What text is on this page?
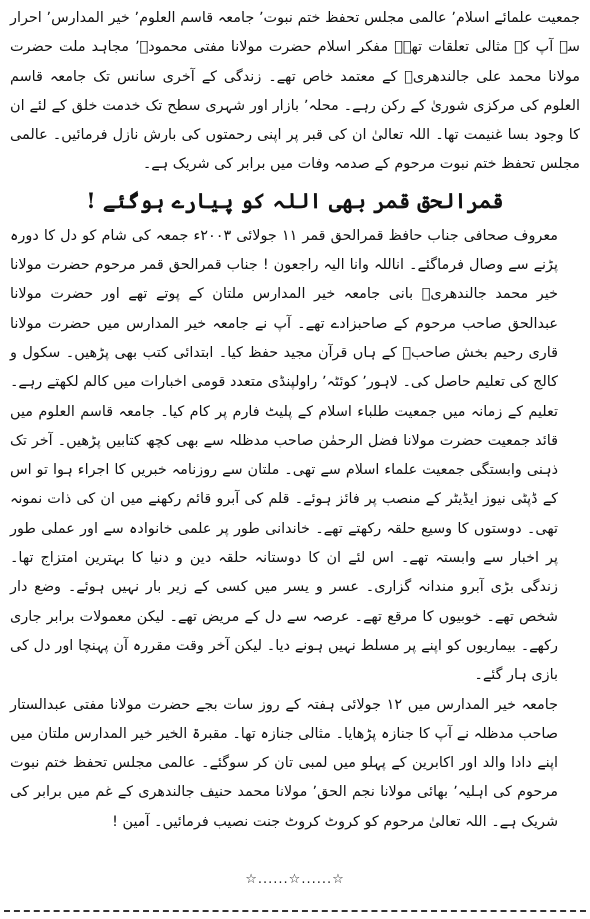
جمعیت علمائے اسلام٬ عالمی مجلس تحفظ ختم نبوت٬ جامعہ قاسم العلوم٬ خیر المدارس٬ احرار سے آپ کے مثالی تعلقات تھے۔ مفکر اسلام حضرت مولانا مفتی محمودؒ٬ مجاہد ملت حضرت مولانا محمد علی جالندھریؒ کے معتمد خاص تھے۔ زندگی کے آخری سانس تک جامعہ قاسم العلوم کی مرکزی شوریٰ کے رکن رہے۔ محلہ٬ بازار اور شہری سطح تک خدمت خلق کے لئے ان کا وجود بسا غنیمت تھا۔ اللہ تعالیٰ ان کی قبر پر اپنی رحمتوں کی بارش نازل فرمائیں۔ عالمی مجلس تحفظ ختم نبوت مرحوم کے صدمہ وفات میں برابر کی شریک ہے۔

قمرالحق قمر بھی اللہ کو پیارے ہوگئے !

معروف صحافی جناب حافظ قمرالحق قمر ۱۱ جولائی ۲۰۰۳ء جمعہ کی شام کو دل کا دورہ پڑنے سے وصال فرماگئے۔ اناللہ وانا الیہ راجعون ! جناب قمرالحق قمر مرحوم حضرت مولانا خیر محمد جالندھریؒ بانی جامعہ خیر المدارس ملتان کے پوتے تھے اور حضرت مولانا عبدالحق صاحب مرحوم کے صاحبزادے تھے۔ آپ نے جامعہ خیر المدارس میں حضرت مولانا قاری رحیم بخش صاحبؒ کے ہاں قرآن مجید حفظ کیا۔ ابتدائی کتب بھی پڑھیں۔ سکول و کالج کی تعلیم حاصل کی۔ لاہور٬ کوئٹہ٬ راولپنڈی متعدد قومی اخبارات میں کالم لکھتے رہے۔ تعلیم کے زمانہ میں جمعیت طلباء اسلام کے پلیٹ فارم پر کام کیا۔ جامعہ قاسم العلوم میں قائد جمعیت حضرت مولانا فضل الرحمٰن صاحب مدظلہ سے بھی کچھ کتابیں پڑھیں۔ آخر تک ذہنی وابستگی جمعیت علماء اسلام سے تھی۔ ملتان سے روزنامہ خبریں کا اجراء ہوا تو اس کے ڈپٹی نیوز ایڈیٹر کے منصب پر فائز ہوئے۔ قلم کی آبرو قائم رکھنے میں ان کی ذات نمونہ تھی۔ دوستوں کا وسیع حلقہ رکھتے تھے۔ خاندانی طور پر علمی خانوادہ سے اور عملی طور پر اخبار سے وابستہ تھے۔ اس لئے ان کا دوستانہ حلقہ دین و دنیا کا بہترین امتزاج تھا۔ زندگی بڑی آبرو مندانہ گزاری۔ عسر و یسر میں کسی کے زیر بار نہیں ہوئے۔ وضع دار شخص تھے۔ خوبیوں کا مرقع تھے۔ عرصہ سے دل کے مریض تھے۔ لیکن معمولات برابر جاری رکھے۔ بیماریوں کو اپنے پر مسلط نہیں ہونے دیا۔ لیکن آخر وقت مقررہ آن پہنچا اور دل کی بازی ہار گئے۔

جامعہ خیر المدارس میں ۱۲ جولائی ہفتہ کے روز سات بجے حضرت مولانا مفتی عبدالستار صاحب مدظلہ نے آپ کا جنازہ پڑھایا۔ مثالی جنازہ تھا۔ مقبرۃ الخیر خیر المدارس ملتان میں اپنے دادا والد اور اکابرین کے پہلو میں لمبی تان کر سوگئے۔ عالمی مجلس تحفظ ختم نبوت مرحوم کی اہلیہ٬ بھائی مولانا نجم الحق٬ مولانا محمد حنیف جالندھری کے غم میں برابر کی شریک ہے۔ اللہ تعالیٰ مرحوم کو کروٹ کروٹ جنت نصیب فرمائیں۔ آمین !

☆......☆......☆
